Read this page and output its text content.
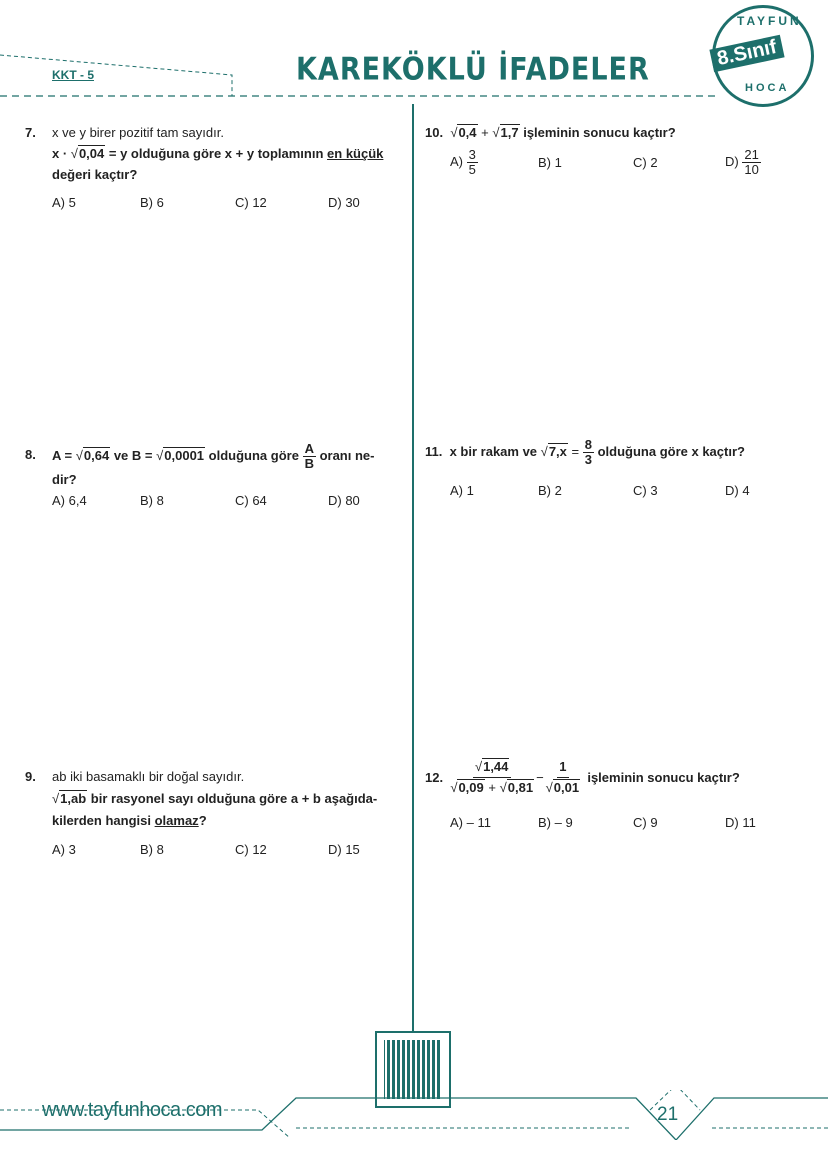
KKT - 5	KAREKÖKLÜ İFADELER
TAYFUN
8.Sınıf
HOCA
7. x ve y birer pozitif tam sayıdır.
x · √0,04 = y olduğuna göre x + y toplamının en küçük
değeri kaçtır?
A) 5	B) 6	C) 12	D) 30
8. A = √0,64 ve B = √0,0001 olduğuna göre $\frac{A}{B}$ oranı ne-
dir?
A) 6,4	B) 8	C) 64	D) 80
9. ab iki basamaklı bir doğal sayıdır.
√1,ab bir rasyonel sayı olduğuna göre a + b aşağıda-
kilerden hangisi olamaz?
A) 3	B) 8	C) 12	D) 15
10. √0,4 + √1,7 işleminin sonucu kaçtır?
$A) \frac{3}{5}$	B) 1	C) 2	$D) \frac{21}{10}$
11. x bir rakam ve $√7,\overline{x} = \frac{8}{3}$ olduğuna göre x kaçtır?
A) 1	B) 2	C) 3	D) 4
12.

√1,44
√0,09 + √0,81
− $\frac{1}{√0,01}$
işleminin sonucu kaçtır?
A) – 11	B) – 9	C) 9	D) 11
www.tayfunhoca.com	21
